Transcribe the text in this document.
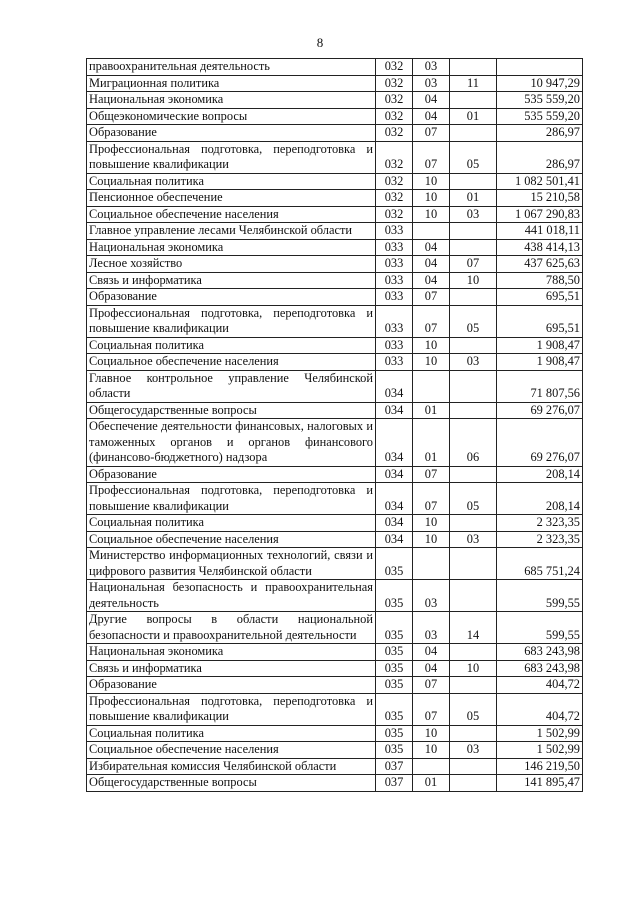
8
правоохранительная деятельность	032	03		
Миграционная политика	032	03	11	10 947,29
Национальная экономика	032	04		535 559,20
Общеэкономические вопросы	032	04	01	535 559,20
Образование	032	07		286,97
Профессиональная подготовка, переподготовка и повышение квалификации	032	07	05	286,97
Социальная политика	032	10		1 082 501,41
Пенсионное обеспечение	032	10	01	15 210,58
Социальное обеспечение населения	032	10	03	1 067 290,83
Главное управление лесами Челябинской области	033			441 018,11
Национальная экономика	033	04		438 414,13
Лесное хозяйство	033	04	07	437 625,63
Связь и информатика	033	04	10	788,50
Образование	033	07		695,51
Профессиональная подготовка, переподготовка и повышение квалификации	033	07	05	695,51
Социальная политика	033	10		1 908,47
Социальное обеспечение населения	033	10	03	1 908,47
Главное контрольное управление Челябинской области	034			71 807,56
Общегосударственные вопросы	034	01		69 276,07
Обеспечение деятельности финансовых, налоговых и таможенных органов и органов финансового (финансово-бюджетного) надзора	034	01	06	69 276,07
Образование	034	07		208,14
Профессиональная подготовка, переподготовка и повышение квалификации	034	07	05	208,14
Социальная политика	034	10		2 323,35
Социальное обеспечение населения	034	10	03	2 323,35
Министерство информационных технологий, связи и цифрового развития Челябинской области	035			685 751,24
Национальная безопасность и правоохранительная деятельность	035	03		599,55
Другие вопросы в области национальной безопасности и правоохранительной деятельности	035	03	14	599,55
Национальная экономика	035	04		683 243,98
Связь и информатика	035	04	10	683 243,98
Образование	035	07		404,72
Профессиональная подготовка, переподготовка и повышение квалификации	035	07	05	404,72
Социальная политика	035	10		1 502,99
Социальное обеспечение населения	035	10	03	1 502,99
Избирательная комиссия Челябинской области	037			146 219,50
Общегосударственные вопросы	037	01		141 895,47
